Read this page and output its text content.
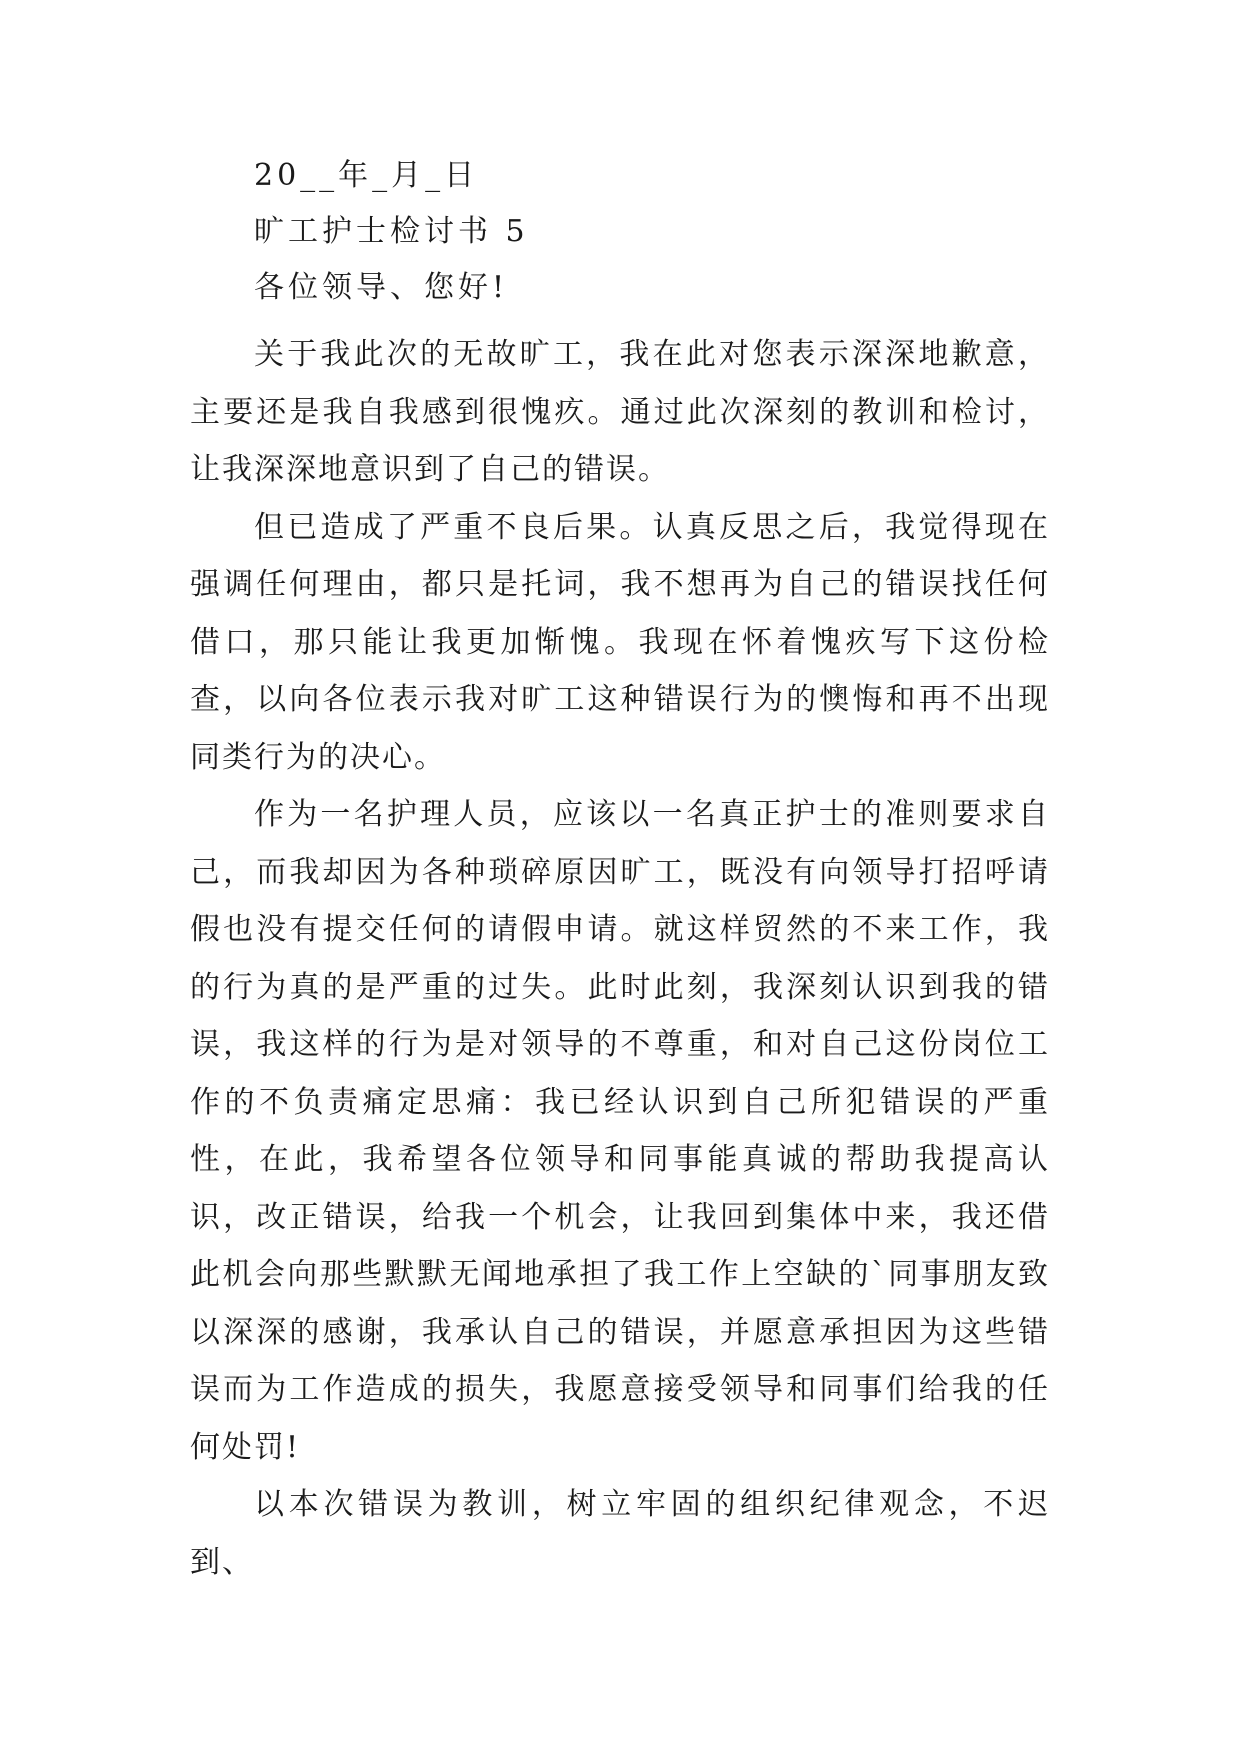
20__年_月_日

旷工护士检讨书 5

各位领导、您好!

关于我此次的无故旷工，我在此对您表示深深地歉意，主要还是我自我感到很愧疚。通过此次深刻的教训和检讨，让我深深地意识到了自己的错误。

但已造成了严重不良后果。认真反思之后，我觉得现在强调任何理由，都只是托词，我不想再为自己的错误找任何借口，那只能让我更加惭愧。我现在怀着愧疚写下这份检查，以向各位表示我对旷工这种错误行为的懊悔和再不出现同类行为的决心。

作为一名护理人员，应该以一名真正护士的准则要求自己，而我却因为各种琐碎原因旷工，既没有向领导打招呼请假也没有提交任何的请假申请。就这样贸然的不来工作，我的行为真的是严重的过失。此时此刻，我深刻认识到我的错误，我这样的行为是对领导的不尊重，和对自己这份岗位工作的不负责痛定思痛：我已经认识到自己所犯错误的严重性，在此，我希望各位领导和同事能真诚的帮助我提高认识，改正错误，给我一个机会，让我回到集体中来，我还借此机会向那些默默无闻地承担了我工作上空缺的`同事朋友致以深深的感谢，我承认自己的错误，并愿意承担因为这些错误而为工作造成的损失，我愿意接受领导和同事们给我的任何处罚!

以本次错误为教训，树立牢固的组织纪律观念，不迟到、
